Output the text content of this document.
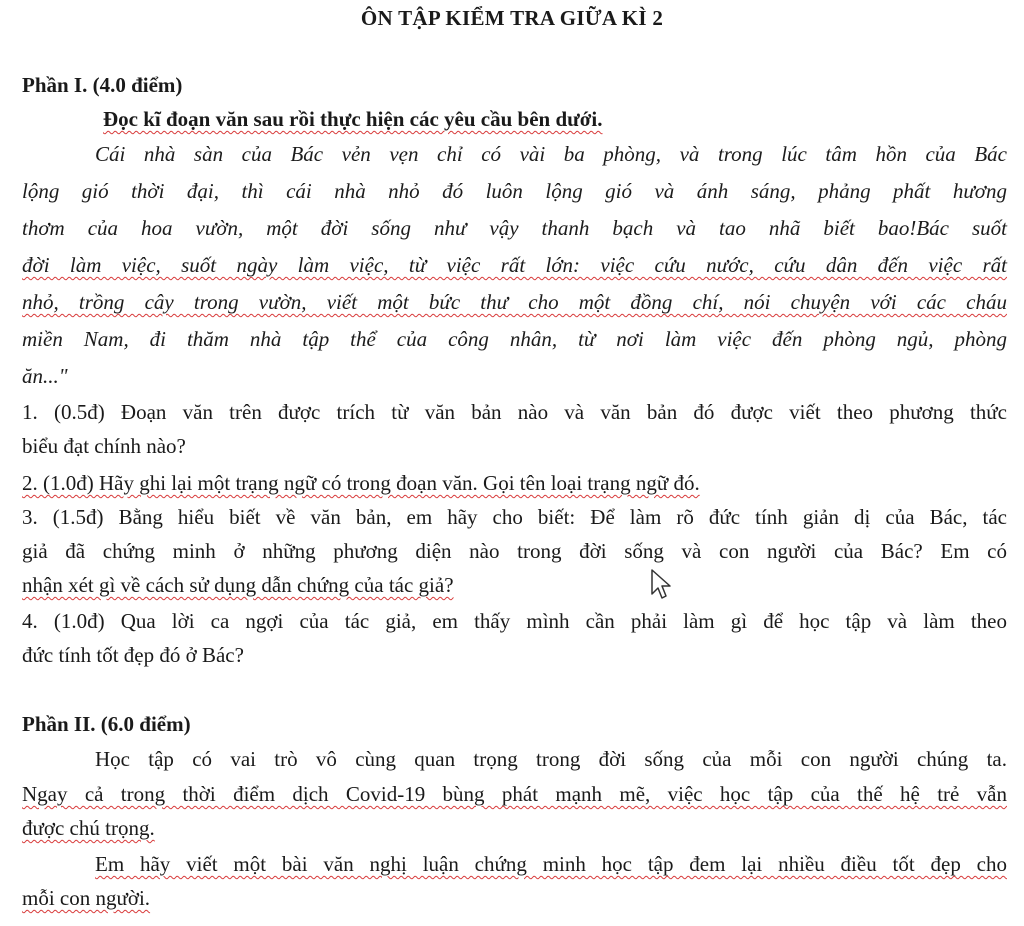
ÔN TẬP KIỂM TRA GIỮA KÌ 2
Phần I. (4.0 điểm)
Đọc kĩ đoạn văn sau rồi thực hiện các yêu cầu bên dưới.
Cái nhà sàn của Bác vẻn vẹn chỉ có vài ba phòng, và trong lúc tâm hồn của Bác
lộng gió thời đại, thì cái nhà nhỏ đó luôn lộng gió và ánh sáng, phảng phất hương
thơm của hoa vườn, một đời sống như vậy thanh bạch và tao nhã biết bao!Bác suốt
đời làm việc, suốt ngày làm việc, từ việc rất lớn: việc cứu nước, cứu dân đến việc rất
nhỏ, trồng cây trong vườn, viết một bức thư cho một đồng chí, nói chuyện với các cháu
miền Nam, đi thăm nhà tập thể của công nhân, từ nơi làm việc đến phòng ngủ, phòng
ăn..."
1. (0.5đ) Đoạn văn trên được trích từ văn bản nào và văn bản đó được viết theo phương thức
biểu đạt chính nào?
2. (1.0đ) Hãy ghi lại một trạng ngữ có trong đoạn văn. Gọi tên loại trạng ngữ đó.
3. (1.5đ) Bằng hiểu biết về văn bản, em hãy cho biết: Để làm rõ đức tính giản dị của Bác, tác
giả đã chứng minh ở những phương diện nào trong đời sống và con người của Bác? Em có
nhận xét gì về cách sử dụng dẫn chứng của tác giả?
4. (1.0đ) Qua lời ca ngợi của tác giả, em thấy mình cần phải làm gì để học tập và làm theo
đức tính tốt đẹp đó ở Bác?
Phần II. (6.0 điểm)
Học tập có vai trò vô cùng quan trọng trong đời sống của mỗi con người chúng ta.
Ngay cả trong thời điểm dịch Covid-19 bùng phát mạnh mẽ, việc học tập của thế hệ trẻ vẫn
được chú trọng.
Em hãy viết một bài văn nghị luận chứng minh học tập đem lại nhiều điều tốt đẹp cho
mỗi con người.
